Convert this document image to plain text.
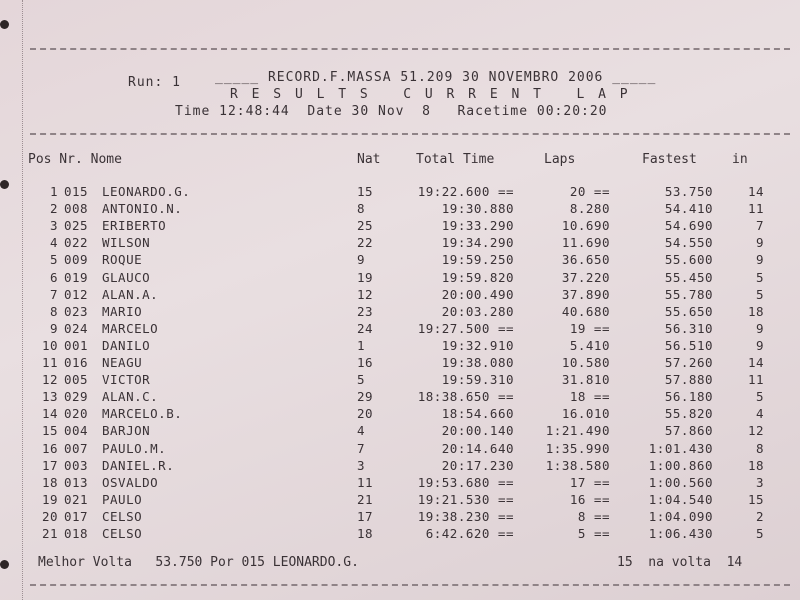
Run: 1	_____ RECORD.F.MASSA 51.209 30 NOVEMBRO 2006 _____
R E S U L T S   C U R R E N T   L A P
Time 12:48:44  Date 30 Nov  8   Racetime 00:20:20
Pos Nr. Nome	Nat	Total Time	Laps	Fastest	in
1 015 LEONARDO.G.	15	19:22.600 ==	20 ==	53.750	14
2 008 ANTONIO.N.	8	19:30.880	8.280	54.410	11
3 025 ERIBERTO	25	19:33.290	10.690	54.690	7
4 022 WILSON	22	19:34.290	11.690	54.550	9
5 009 ROQUE	9	19:59.250	36.650	55.600	9
6 019 GLAUCO	19	19:59.820	37.220	55.450	5
7 012 ALAN.A.	12	20:00.490	37.890	55.780	5
8 023 MARIO	23	20:03.280	40.680	55.650	18
9 024 MARCELO	24	19:27.500 ==	19 ==	56.310	9
10 001 DANILO	1	19:32.910	5.410	56.510	9
11 016 NEAGU	16	19:38.080	10.580	57.260	14
12 005 VICTOR	5	19:59.310	31.810	57.880	11
13 029 ALAN.C.	29	18:38.650 ==	18 ==	56.180	5
14 020 MARCELO.B.	20	18:54.660	16.010	55.820	4
15 004 BARJON	4	20:00.140	1:21.490	57.860	12
16 007 PAULO.M.	7	20:14.640	1:35.990	1:01.430	8
17 003 DANIEL.R.	3	20:17.230	1:38.580	1:00.860	18
18 013 OSVALDO	11	19:53.680 ==	17 ==	1:00.560	3
19 021 PAULO	21	19:21.530 ==	16 ==	1:04.540	15
20 017 CELSO	17	19:38.230 ==	8 ==	1:04.090	2
21 018 CELSO	18	6:42.620 ==	5 ==	1:06.430	5
Melhor Volta   53.750 Por 015 LEONARDO.G.	15  na volta  14
